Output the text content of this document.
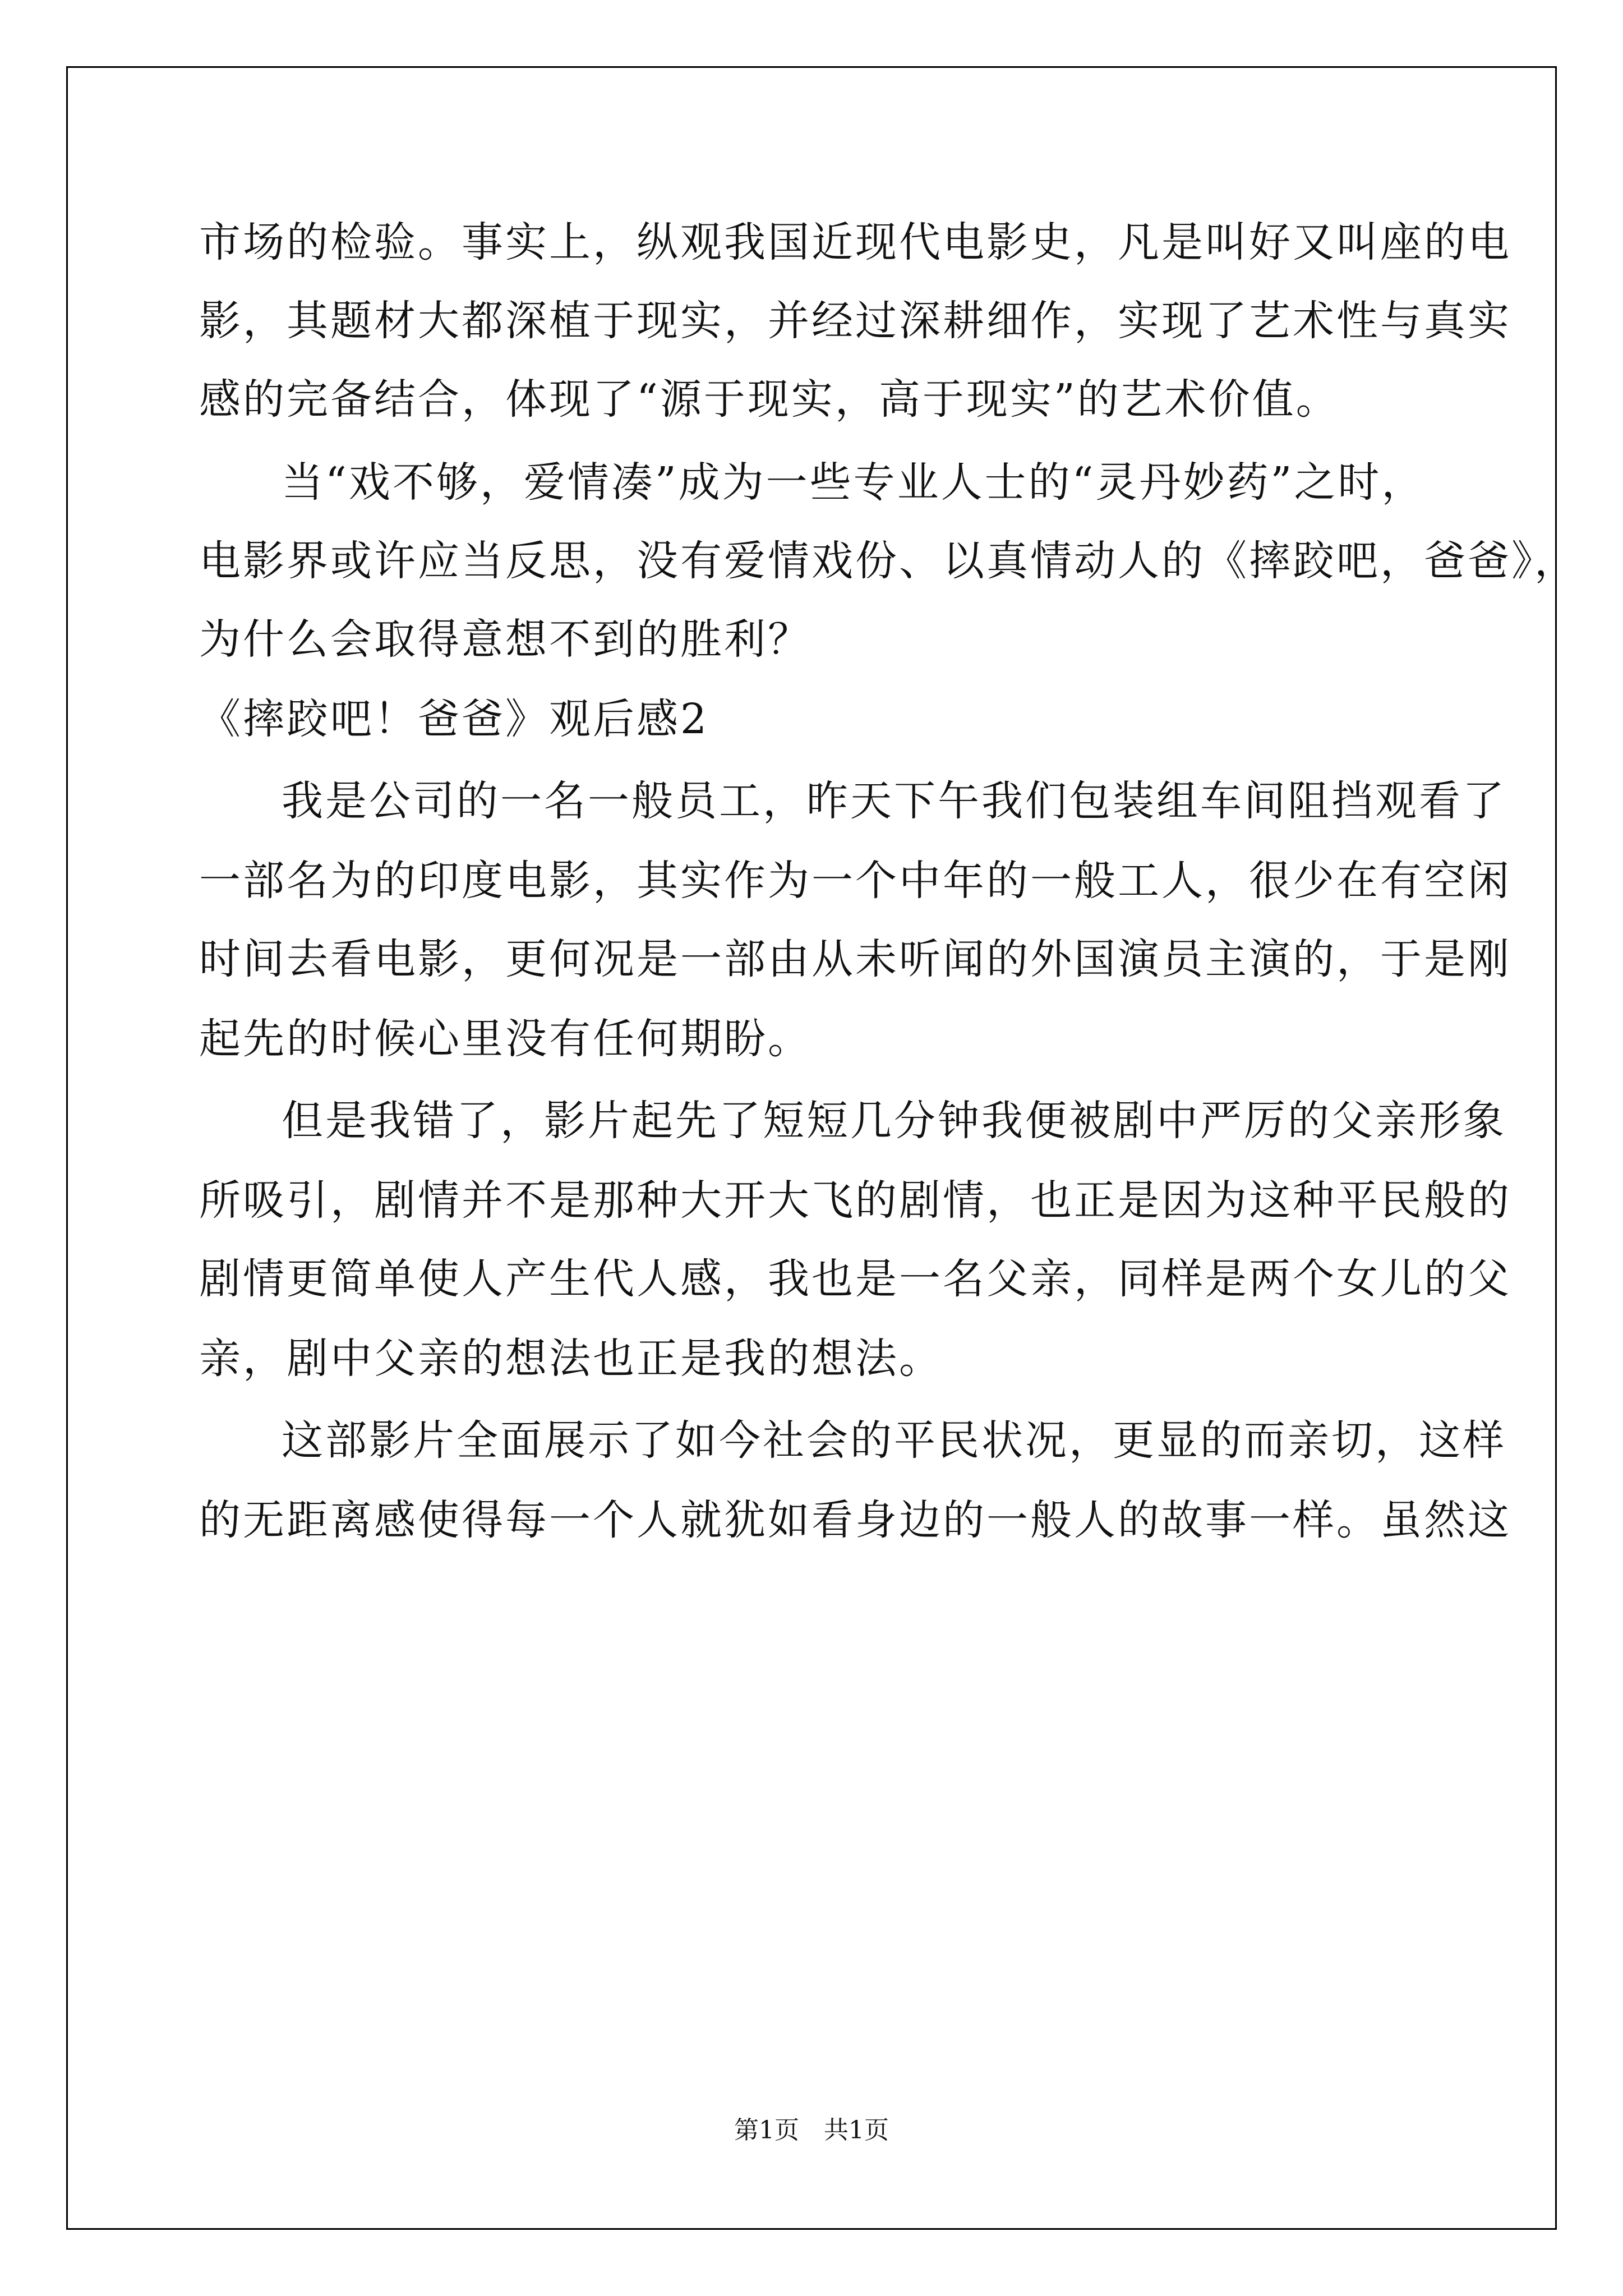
市场的检验。事实上，纵观我国近现代电影史，凡是叫好又叫座的电
影，其题材大都深植于现实，并经过深耕细作，实现了艺术性与真实
感的完备结合，体现了“源于现实，高于现实”的艺术价值。
当“戏不够，爱情凑”成为一些专业人士的“灵丹妙药”之时，
电影界或许应当反思，没有爱情戏份、以真情动人的《摔跤吧，爸爸》，
为什么会取得意想不到的胜利？
《摔跤吧！爸爸》观后感2
我是公司的一名一般员工，昨天下午我们包装组车间阻挡观看了
一部名为的印度电影，其实作为一个中年的一般工人，很少在有空闲
时间去看电影，更何况是一部由从未听闻的外国演员主演的，于是刚
起先的时候心里没有任何期盼。
但是我错了，影片起先了短短几分钟我便被剧中严厉的父亲形象
所吸引，剧情并不是那种大开大飞的剧情，也正是因为这种平民般的
剧情更简单使人产生代人感，我也是一名父亲，同样是两个女儿的父
亲，剧中父亲的想法也正是我的想法。
这部影片全面展示了如今社会的平民状况，更显的而亲切，这样
的无距离感使得每一个人就犹如看身边的一般人的故事一样。虽然这
第1页　共1页
